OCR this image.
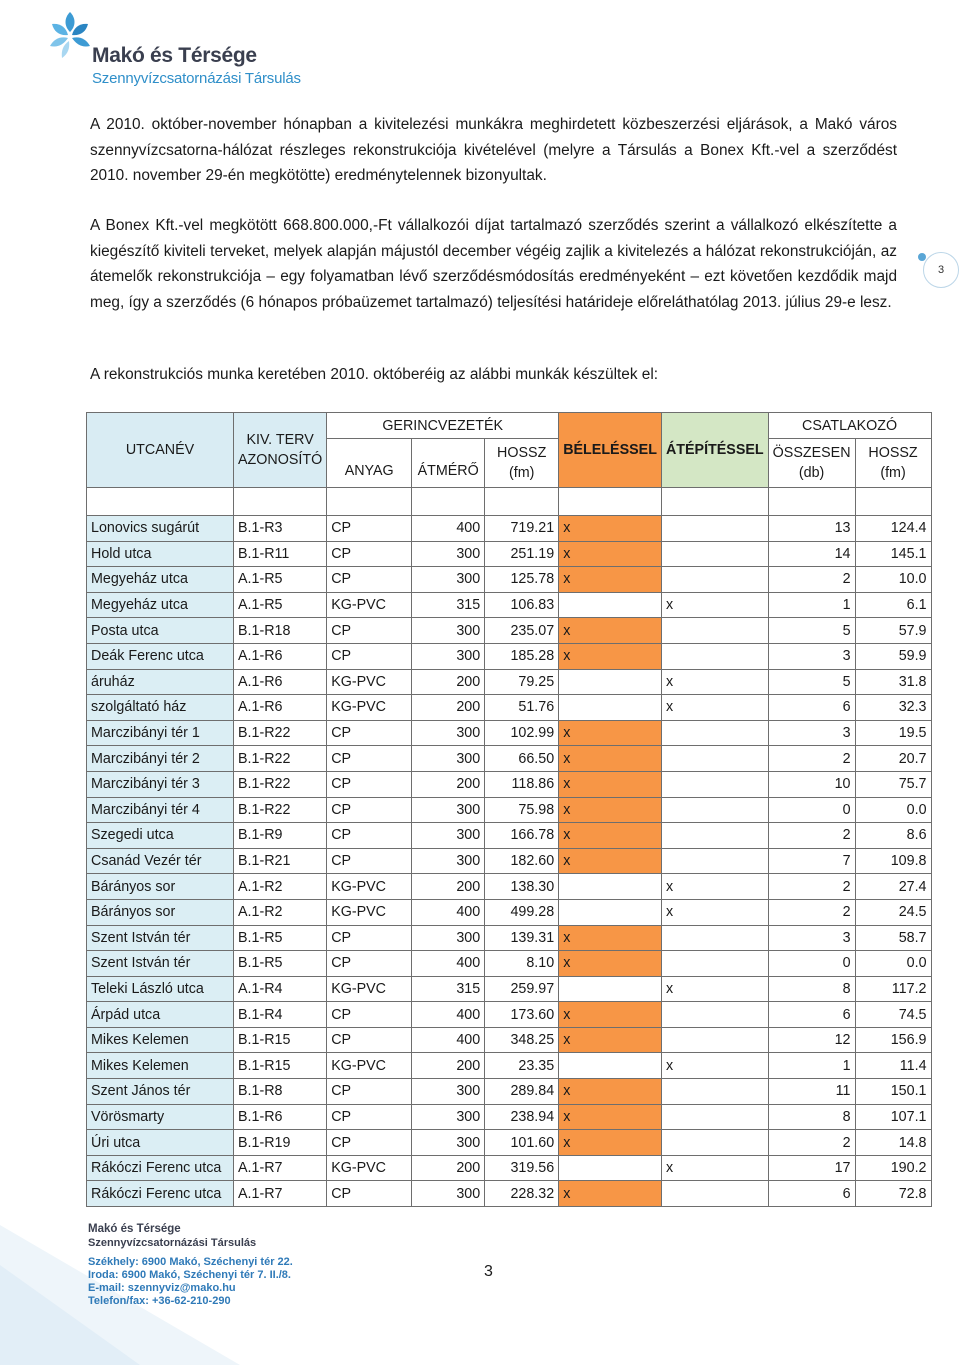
Makó és Térsége
Szennyvízcsatornázási Társulás
3
A 2010. október-november hónapban a kivitelezési munkákra meghirdetett közbeszerzési eljárások, a Makó város szennyvízcsatorna-hálózat részleges rekonstrukciója kivételével (melyre a Társulás a Bonex Kft.-vel a szerződést 2010. november 29-én megkötötte) eredménytelennek bizonyultak.
A Bonex Kft.-vel megkötött 668.800.000,-Ft vállalkozói díjat tartalmazó szerződés szerint a vállalkozó elkészítette a kiegészítő kiviteli terveket, melyek alapján májustól december végéig zajlik a kivitelezés a hálózat rekonstrukcióján, az átemelők rekonstrukciója – egy folyamatban lévő szerződésmódosítás eredményeként – ezt követően kezdődik majd meg, így a szerződés (6 hónapos próbaüzemet tartalmazó) teljesítési határideje előreláthatólag 2013. július 29-e lesz.
A rekonstrukciós munka keretében 2010. októberéig az alábbi munkák készültek el:
UTCANÉV	KIV. TERV AZONOSÍTÓ	GERINCVEZETÉK			BÉLELÉSSEL	ÁTÉPÍTÉSSEL	CSATLAKOZÓ	
		ANYAG	ÁTMÉRŐ	HOSSZ (fm)			ÖSSZESEN (db)	HOSSZ (fm)

Lonovics sugárút	B.1-R3	CP	400	719.21	x		13	124.4
Hold utca	B.1-R11	CP	300	251.19	x		14	145.1
Megyeház utca	A.1-R5	CP	300	125.78	x		2	10.0
Megyeház utca	A.1-R5	KG-PVC	315	106.83		x	1	6.1
Posta utca	B.1-R18	CP	300	235.07	x		5	57.9
Deák Ferenc utca	A.1-R6	CP	300	185.28	x		3	59.9
áruház	A.1-R6	KG-PVC	200	79.25		x	5	31.8
szolgáltató ház	A.1-R6	KG-PVC	200	51.76		x	6	32.3
Marczibányi tér 1	B.1-R22	CP	300	102.99	x		3	19.5
Marczibányi tér 2	B.1-R22	CP	300	66.50	x		2	20.7
Marczibányi tér 3	B.1-R22	CP	200	118.86	x		10	75.7
Marczibányi tér 4	B.1-R22	CP	300	75.98	x		0	0.0
Szegedi utca	B.1-R9	CP	300	166.78	x		2	8.6
Csanád Vezér tér	B.1-R21	CP	300	182.60	x		7	109.8
Bárányos sor	A.1-R2	KG-PVC	200	138.30		x	2	27.4
Bárányos sor	A.1-R2	KG-PVC	400	499.28		x	2	24.5
Szent István tér	B.1-R5	CP	300	139.31	x		3	58.7
Szent István tér	B.1-R5	CP	400	8.10	x		0	0.0
Teleki László utca	A.1-R4	KG-PVC	315	259.97		x	8	117.2
Árpád utca	B.1-R4	CP	400	173.60	x		6	74.5
Mikes Kelemen	B.1-R15	CP	400	348.25	x		12	156.9
Mikes Kelemen	B.1-R15	KG-PVC	200	23.35		x	1	11.4
Szent János tér	B.1-R8	CP	300	289.84	x		11	150.1
Vörösmarty	B.1-R6	CP	300	238.94	x		8	107.1
Úri utca	B.1-R19	CP	300	101.60	x		2	14.8
Rákóczi Ferenc utca	A.1-R7	KG-PVC	200	319.56		x	17	190.2
Rákóczi Ferenc utca	A.1-R7	CP	300	228.32	x		6	72.8
Makó és Térsége
Szennyvízcsatornázási Társulás
Székhely: 6900 Makó, Széchenyi tér 22.
Iroda: 6900 Makó, Széchenyi tér 7. II./8.
E-mail: szennyviz@mako.hu
Telefon/fax: +36-62-210-290
3
